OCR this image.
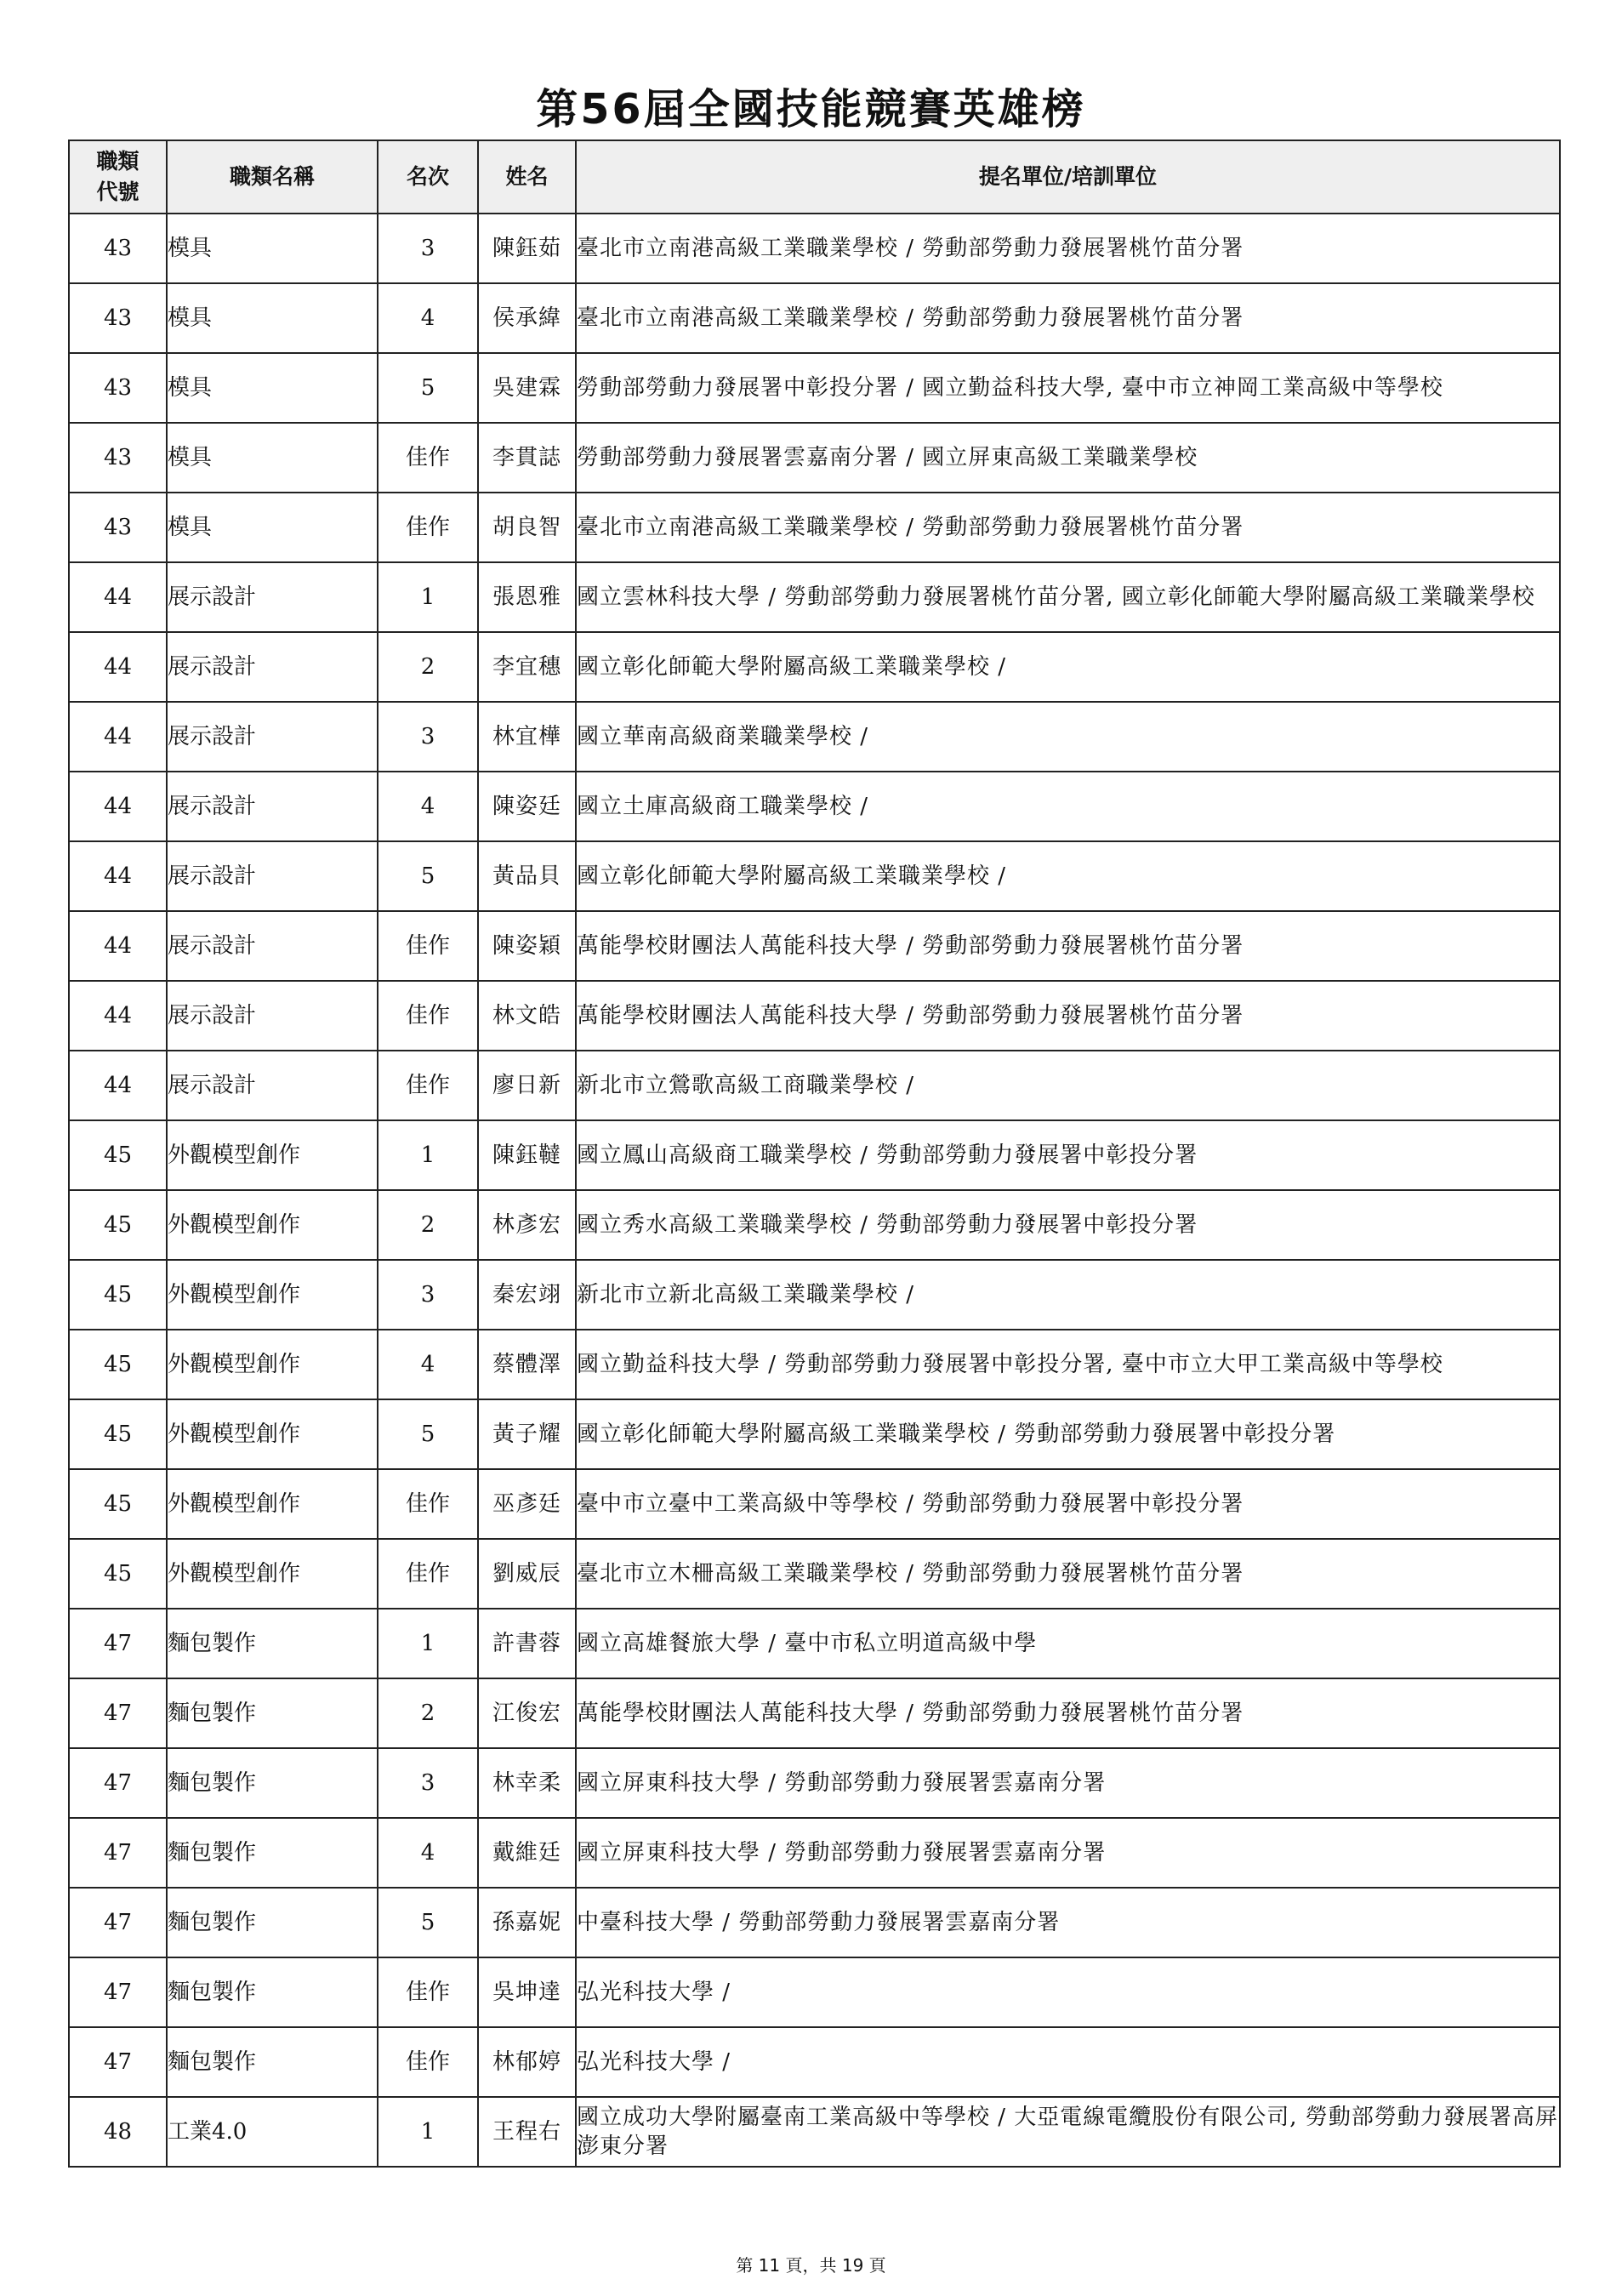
第56屆全國技能競賽英雄榜
職類
代號	職類名稱	名次	姓名	提名單位/培訓單位
43	模具	3	陳鈺茹	臺北市立南港高級工業職業學校 / 勞動部勞動力發展署桃竹苗分署
43	模具	4	侯承緯	臺北市立南港高級工業職業學校 / 勞動部勞動力發展署桃竹苗分署
43	模具	5	吳建霖	勞動部勞動力發展署中彰投分署 / 國立勤益科技大學, 臺中市立神岡工業高級中等學校
43	模具	佳作	李貫誌	勞動部勞動力發展署雲嘉南分署 / 國立屏東高級工業職業學校
43	模具	佳作	胡良智	臺北市立南港高級工業職業學校 / 勞動部勞動力發展署桃竹苗分署
44	展示設計	1	張恩雅	國立雲林科技大學 / 勞動部勞動力發展署桃竹苗分署, 國立彰化師範大學附屬高級工業職業學校
44	展示設計	2	李宜穗	國立彰化師範大學附屬高級工業職業學校 /
44	展示設計	3	林宜樺	國立華南高級商業職業學校 /
44	展示設計	4	陳姿廷	國立土庫高級商工職業學校 /
44	展示設計	5	黃品貝	國立彰化師範大學附屬高級工業職業學校 /
44	展示設計	佳作	陳姿穎	萬能學校財團法人萬能科技大學 / 勞動部勞動力發展署桃竹苗分署
44	展示設計	佳作	林文皓	萬能學校財團法人萬能科技大學 / 勞動部勞動力發展署桃竹苗分署
44	展示設計	佳作	廖日新	新北市立鶯歌高級工商職業學校 /
45	外觀模型創作	1	陳鈺韃	國立鳳山高級商工職業學校 / 勞動部勞動力發展署中彰投分署
45	外觀模型創作	2	林彥宏	國立秀水高級工業職業學校 / 勞動部勞動力發展署中彰投分署
45	外觀模型創作	3	秦宏翊	新北市立新北高級工業職業學校 /
45	外觀模型創作	4	蔡體澤	國立勤益科技大學 / 勞動部勞動力發展署中彰投分署, 臺中市立大甲工業高級中等學校
45	外觀模型創作	5	黃子耀	國立彰化師範大學附屬高級工業職業學校 / 勞動部勞動力發展署中彰投分署
45	外觀模型創作	佳作	巫彥廷	臺中市立臺中工業高級中等學校 / 勞動部勞動力發展署中彰投分署
45	外觀模型創作	佳作	劉威辰	臺北市立木柵高級工業職業學校 / 勞動部勞動力發展署桃竹苗分署
47	麵包製作	1	許書蓉	國立高雄餐旅大學 / 臺中市私立明道高級中學
47	麵包製作	2	江俊宏	萬能學校財團法人萬能科技大學 / 勞動部勞動力發展署桃竹苗分署
47	麵包製作	3	林幸柔	國立屏東科技大學 / 勞動部勞動力發展署雲嘉南分署
47	麵包製作	4	戴維廷	國立屏東科技大學 / 勞動部勞動力發展署雲嘉南分署
47	麵包製作	5	孫嘉妮	中臺科技大學 / 勞動部勞動力發展署雲嘉南分署
47	麵包製作	佳作	吳坤達	弘光科技大學 /
47	麵包製作	佳作	林郁婷	弘光科技大學 /
48	工業4.0	1	王程右	國立成功大學附屬臺南工業高級中等學校 / 大亞電線電纜股份有限公司, 勞動部勞動力發展署高屏澎東分署
第 11 頁，共 19 頁
